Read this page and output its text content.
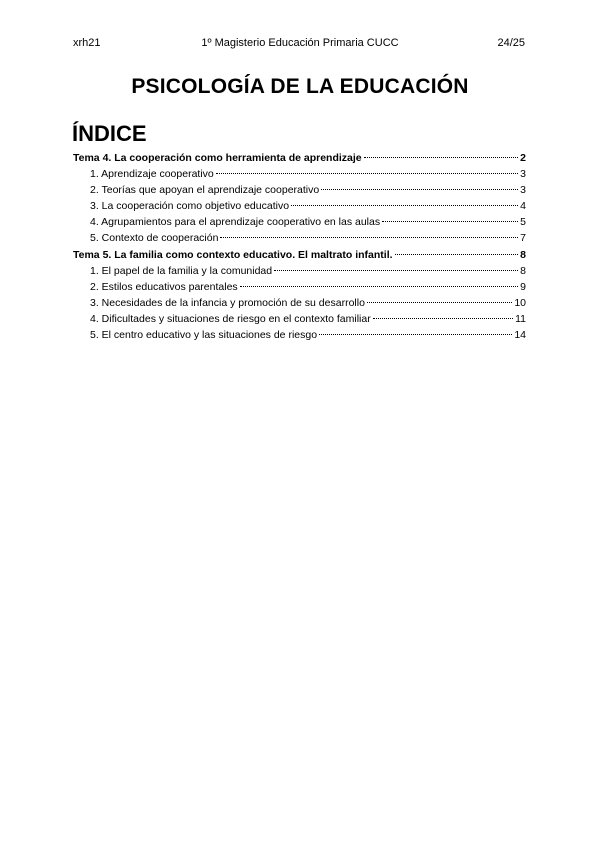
xrh21	1º Magisterio Educación Primaria CUCC	24/25
PSICOLOGÍA DE LA EDUCACIÓN
ÍNDICE
Tema 4. La cooperación como herramienta de aprendizaje	2
1. Aprendizaje cooperativo	3
2. Teorías que apoyan el aprendizaje cooperativo	3
3. La cooperación como objetivo educativo	4
4. Agrupamientos para el aprendizaje cooperativo en las aulas	5
5. Contexto de cooperación	7
Tema 5. La familia como contexto educativo. El maltrato infantil.	8
1. El papel de la familia y la comunidad	8
2. Estilos educativos parentales	9
3. Necesidades de la infancia y promoción de su desarrollo	10
4. Dificultades y situaciones de riesgo en el contexto familiar	11
5. El centro educativo y las situaciones de riesgo	14
